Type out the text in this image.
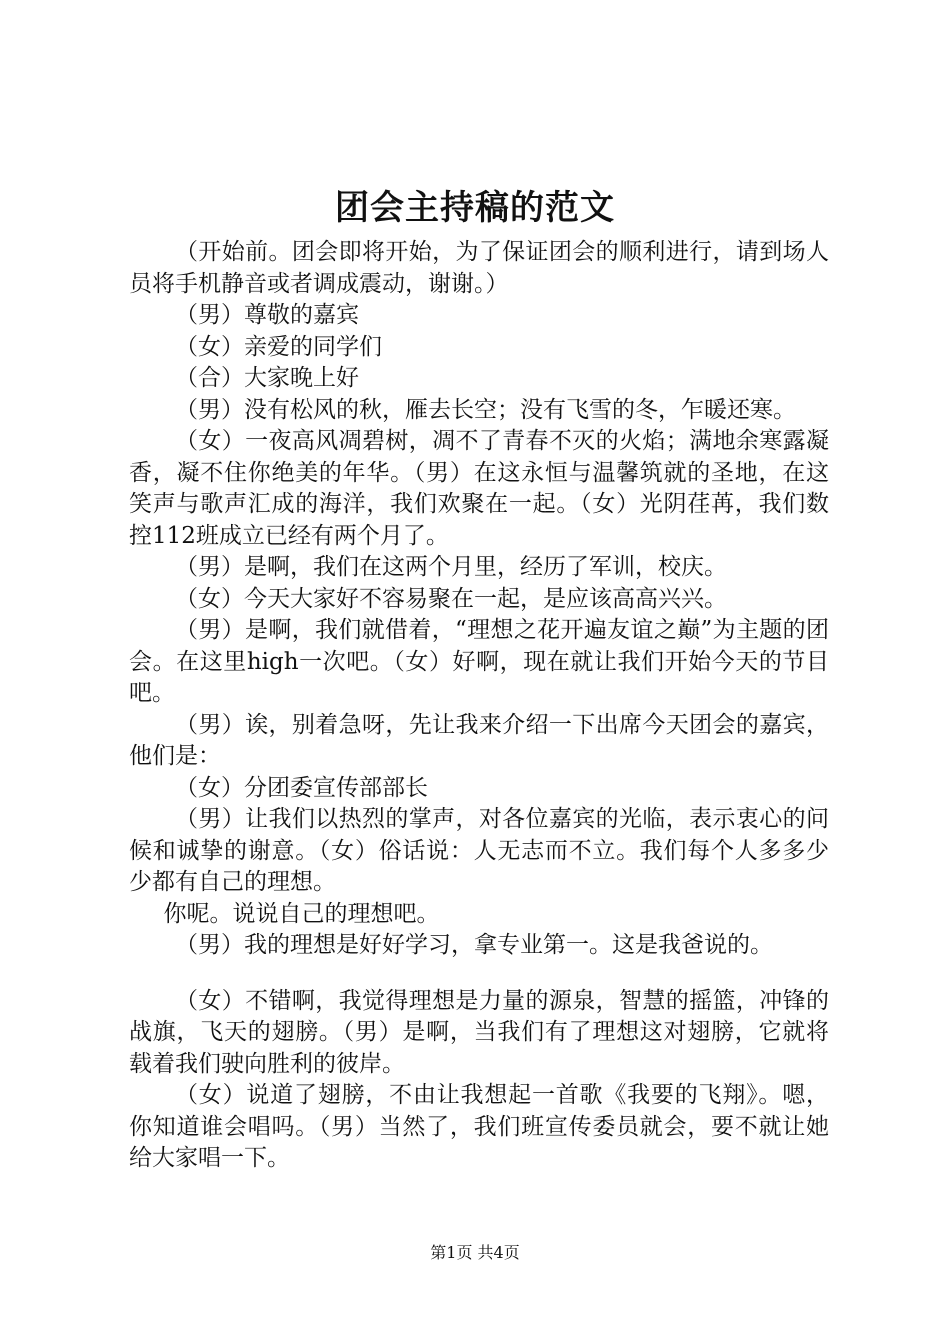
团会主持稿的范文

（开始前。团会即将开始，为了保证团会的顺利进行，请到场人员将手机静音或者调成震动，谢谢。）

（男）尊敬的嘉宾

（女）亲爱的同学们

（合）大家晚上好

（男）没有松风的秋，雁去长空；没有飞雪的冬，乍暖还寒。

（女）一夜高风凋碧树，凋不了青春不灭的火焰；满地余寒露凝香，凝不住你绝美的年华。（男）在这永恒与温馨筑就的圣地，在这笑声与歌声汇成的海洋，我们欢聚在一起。（女）光阴荏苒，我们数控112班成立已经有两个月了。

（男）是啊，我们在这两个月里，经历了军训，校庆。

（女）今天大家好不容易聚在一起，是应该高高兴兴。

（男）是啊，我们就借着，“理想之花开遍友谊之巅”为主题的团会。在这里high一次吧。（女）好啊，现在就让我们开始今天的节目吧。

（男）诶，别着急呀，先让我来介绍一下出席今天团会的嘉宾，他们是：

（女）分团委宣传部部长

（男）让我们以热烈的掌声，对各位嘉宾的光临，表示衷心的问候和诚挚的谢意。（女）俗话说：人无志而不立。我们每个人多多少少都有自己的理想。

你呢。说说自己的理想吧。

（男）我的理想是好好学习，拿专业第一。这是我爸说的。

（女）不错啊，我觉得理想是力量的源泉，智慧的摇篮，冲锋的战旗，飞天的翅膀。（男）是啊，当我们有了理想这对翅膀，它就将载着我们驶向胜利的彼岸。

（女）说道了翅膀，不由让我想起一首歌《我要的飞翔》。嗯，你知道谁会唱吗。（男）当然了，我们班宣传委员就会，要不就让她给大家唱一下。

第1页 共4页
